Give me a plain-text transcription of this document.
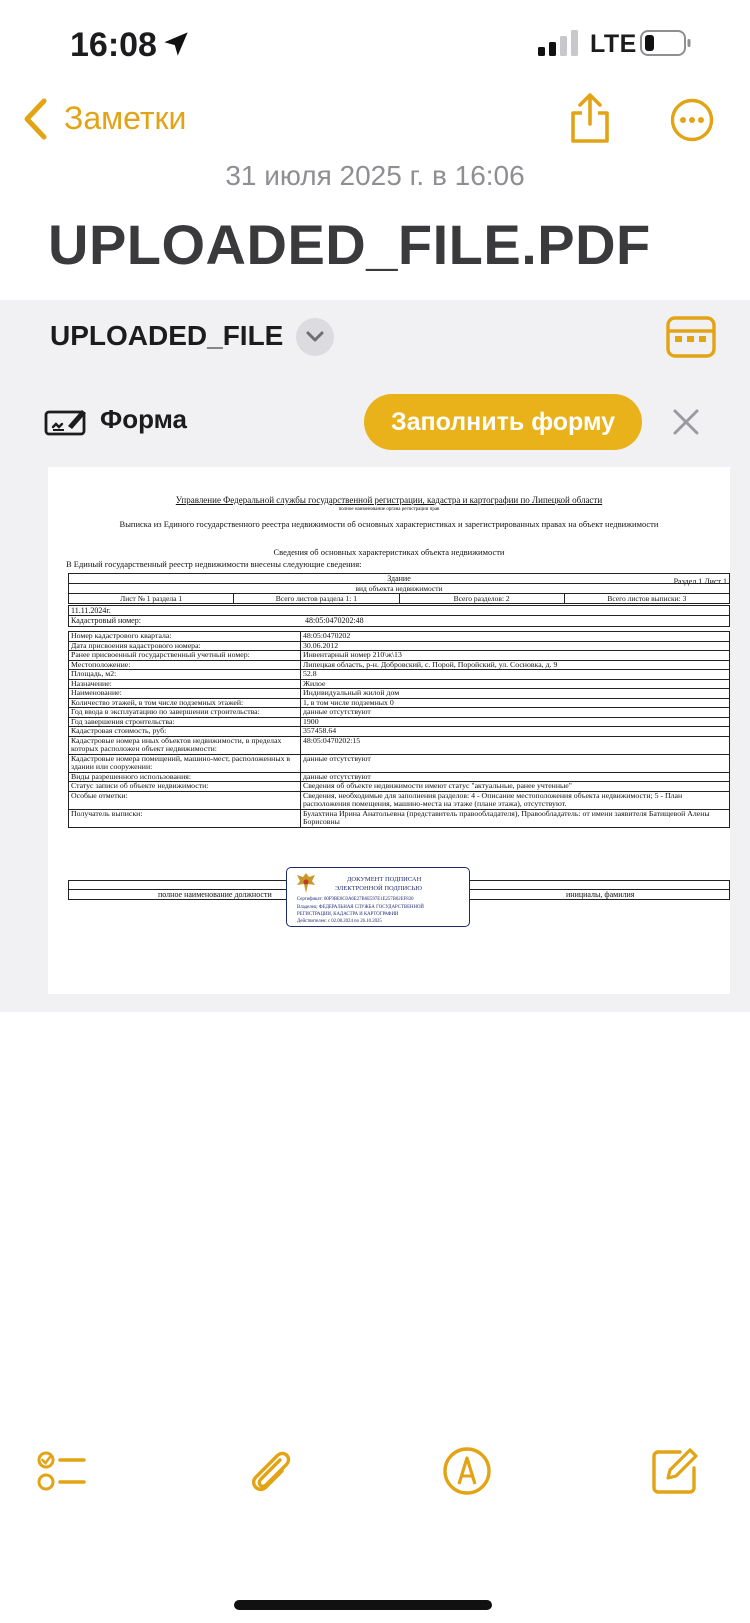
16:08	LTE
Заметки
31 июля 2025 г. в 16:06
UPLOADED_FILE.PDF
UPLOADED_FILE
Форма	Заполнить форму
Управление Федеральной службы государственной регистрации, кадастра и картографии по Липецкой области
полное наименование органа регистрации прав
Выписка из Единого государственного реестра недвижимости об основных характеристиках и зарегистрированных правах на объект недвижимости
Сведения об основных характеристиках объекта недвижимости
В Единый государственный реестр недвижимости внесены следующие сведения:
Раздел 1 Лист 1
Здание
вид объекта недвижимости
Лист № 1 раздела 1	Всего листов раздела 1: 1	Всего разделов: 2	Всего листов выписки: 3
11.11.2024г.
Кадастровый номер:	48:05:0470202:48
Номер кадастрового квартала:	48:05:0470202
Дата присвоения кадастрового номера:	30.06.2012
Ранее присвоенный государственный учетный номер:	Инвентарный номер 210\ж\13
Местоположение:	Липецкая область, р-н. Добровский, с. Порой, Поройский, ул. Сосновка, д. 9
Площадь, м2:	52.8
Назначение:	Жилое
Наименование:	Индивидуальный жилой дом
Количество этажей, в том числе подземных этажей:	1, в том числе подземных 0
Год ввода в эксплуатацию по завершении строительства:	данные отсутствуют
Год завершения строительства:	1900
Кадастровая стоимость, руб:	357458.64
Кадастровые номера иных объектов недвижимости, в пределах которых расположен объект недвижимости:	48:05:0470202:15
Кадастровые номера помещений, машино-мест, расположенных в здании или сооружении:	данные отсутствуют
Виды разрешенного использования:	данные отсутствуют
Статус записи об объекте недвижимости:	Сведения об объекте недвижимости имеют статус "актуальные, ранее учтенные"
Особые отметки:	Сведения, необходимые для заполнения разделов: 4 - Описание местоположения объекта недвижимости; 5 - План расположения помещения, машино-места на этаже (плане этажа), отсутствуют.
Получатель выписки:	Булахтина Ирина Анатольевна (представитель правообладателя), Правообладатель: от имени заявителя Батищевой Алены Борисовны
полное наименование должности	инициалы, фамилия
ДОКУМЕНТ ПОДПИСАН
ЭЛЕКТРОННОЙ ПОДПИСЬЮ
Сертификат: 00F9BE8C0A6E27B6E597E1E257B02EF830
Владелец: ФЕДЕРАЛЬНАЯ СЛУЖБА ГОСУДАРСТВЕННОЙ
РЕГИСТРАЦИИ, КАДАСТРА И КАРТОГРАФИИ
Действителен: с 02.08.2024 по 26.10.2025
